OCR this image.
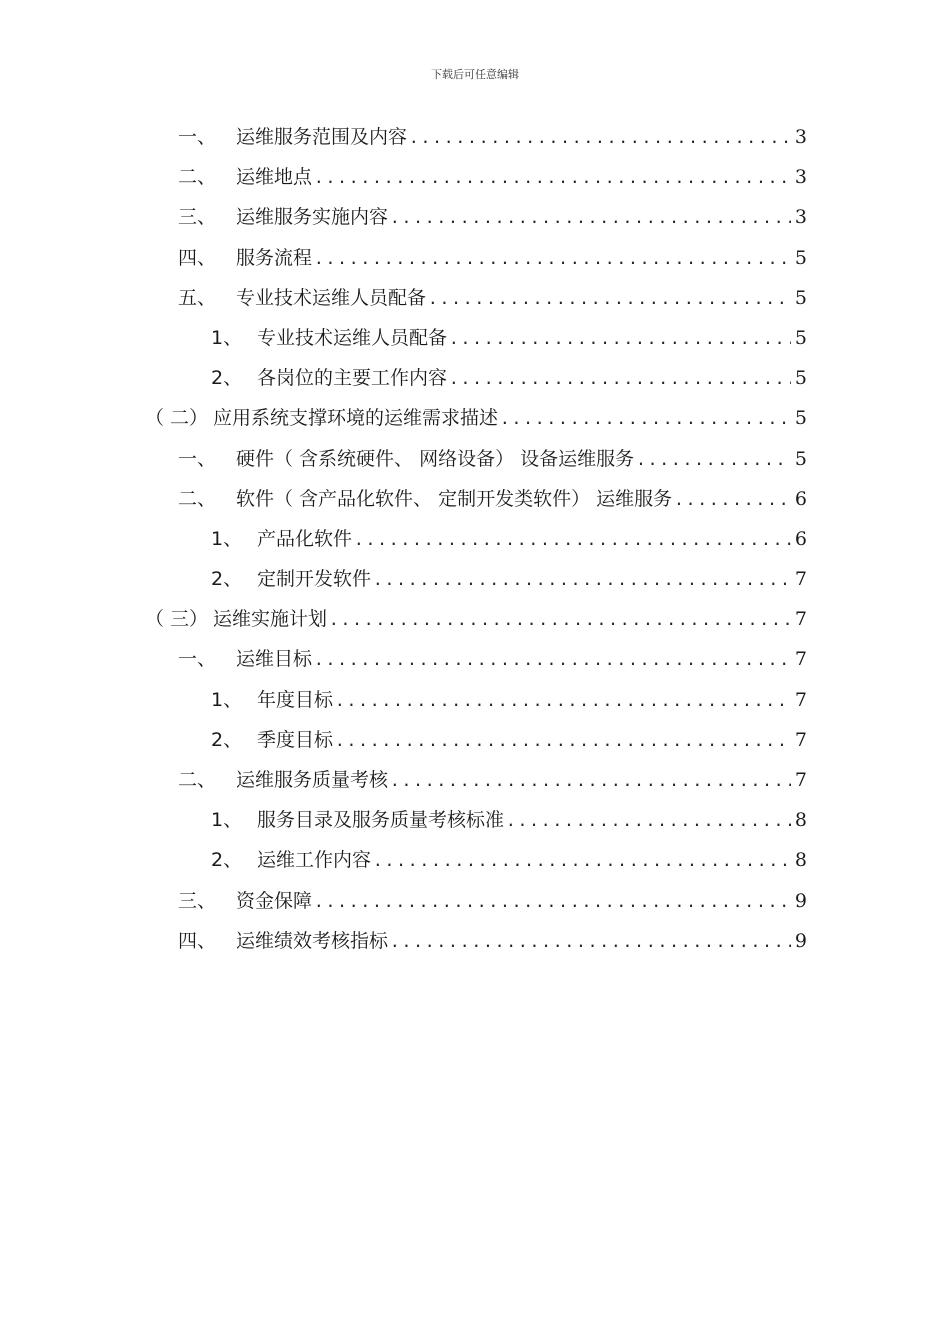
下载后可任意编辑
一、	运维服务范围及内容 .....	3
二、	运维地点 .....	3
三、	运维服务实施内容 .....	3
四、	服务流程 .....	5
五、	专业技术运维人员配备 .....	5
1、 专业技术运维人员配备 .....	5
2、 各岗位的主要工作内容 .....	5
（ 二） 应用系统支撑环境的运维需求描述 .....	5
一、	硬件（ 含系统硬件、 网络设备） 设备运维服务 .....	5
二、	软件（ 含产品化软件、 定制开发类软件） 运维服务 .....	6
1、 产品化软件 .....	6
2、 定制开发软件 .....	7
（ 三） 运维实施计划 .....	7
一、	运维目标 .....	7
1、 年度目标 .....	7
2、 季度目标 .....	7
二、	运维服务质量考核 .....	7
1、 服务目录及服务质量考核标准 .....	8
2、 运维工作内容 .....	8
三、	资金保障 .....	9
四、	运维绩效考核指标 .....	9
